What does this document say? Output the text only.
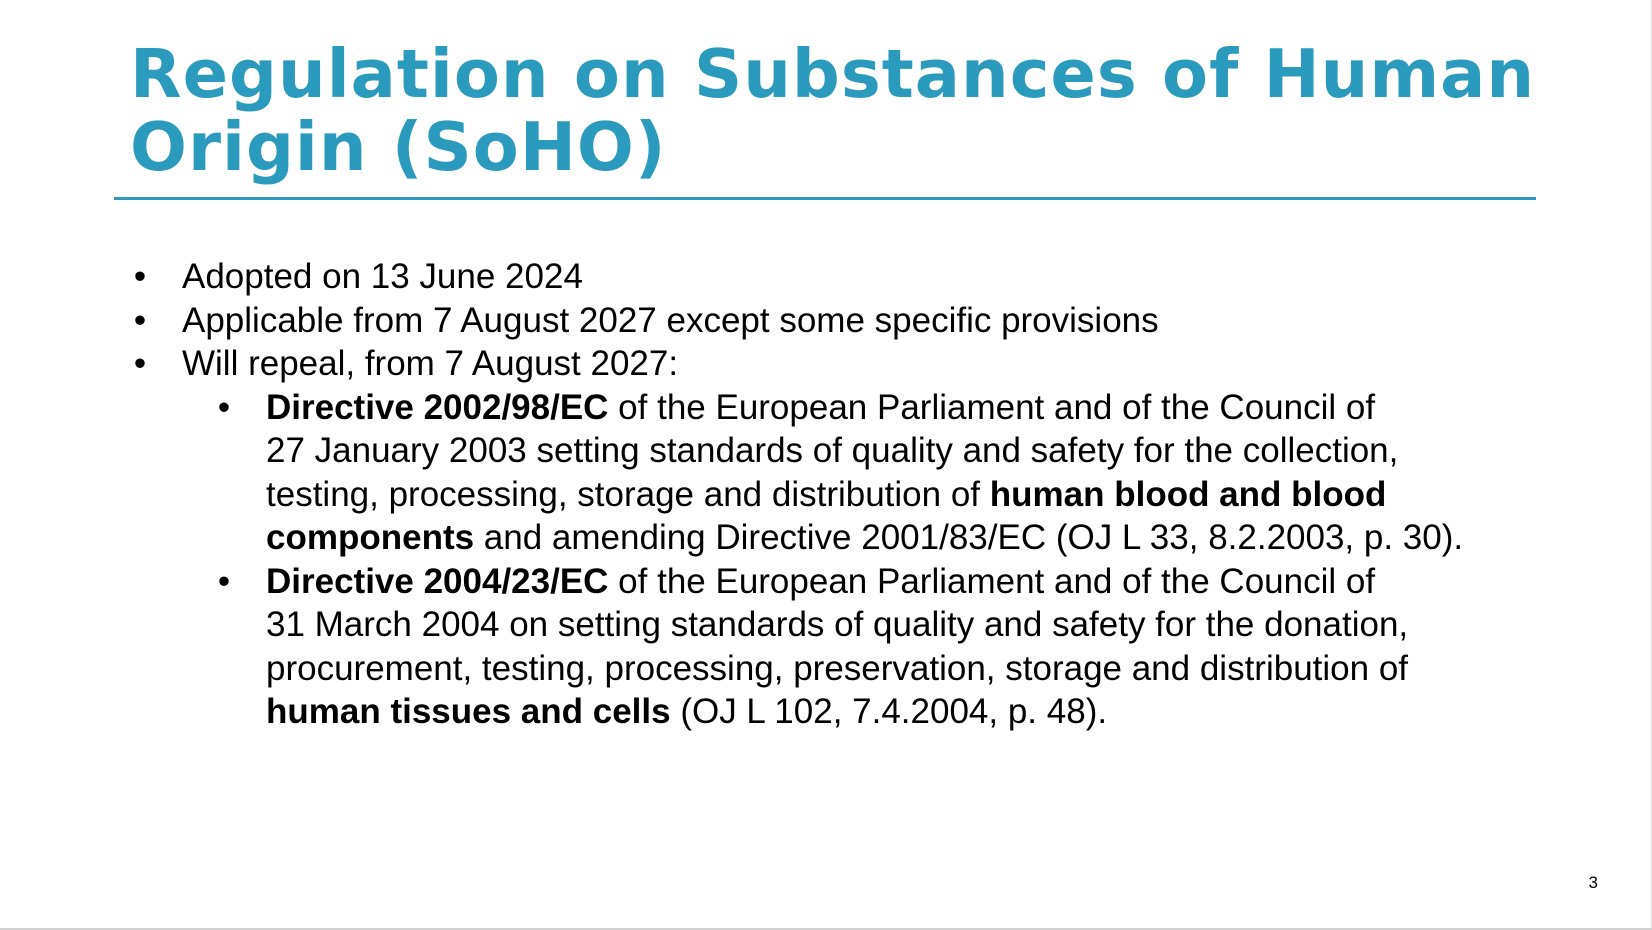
Regulation on Substances of Human Origin (SoHO)
• Adopted on 13 June 2024
• Applicable from 7 August 2027 except some specific provisions
• Will repeal, from 7 August 2027:
• Directive 2002/98/EC of the European Parliament and of the Council of
27 January 2003 setting standards of quality and safety for the collection,
testing, processing, storage and distribution of human blood and blood
components and amending Directive 2001/83/EC (OJ L 33, 8.2.2003, p. 30).
• Directive 2004/23/EC of the European Parliament and of the Council of
31 March 2004 on setting standards of quality and safety for the donation,
procurement, testing, processing, preservation, storage and distribution of
human tissues and cells (OJ L 102, 7.4.2004, p. 48).
3
